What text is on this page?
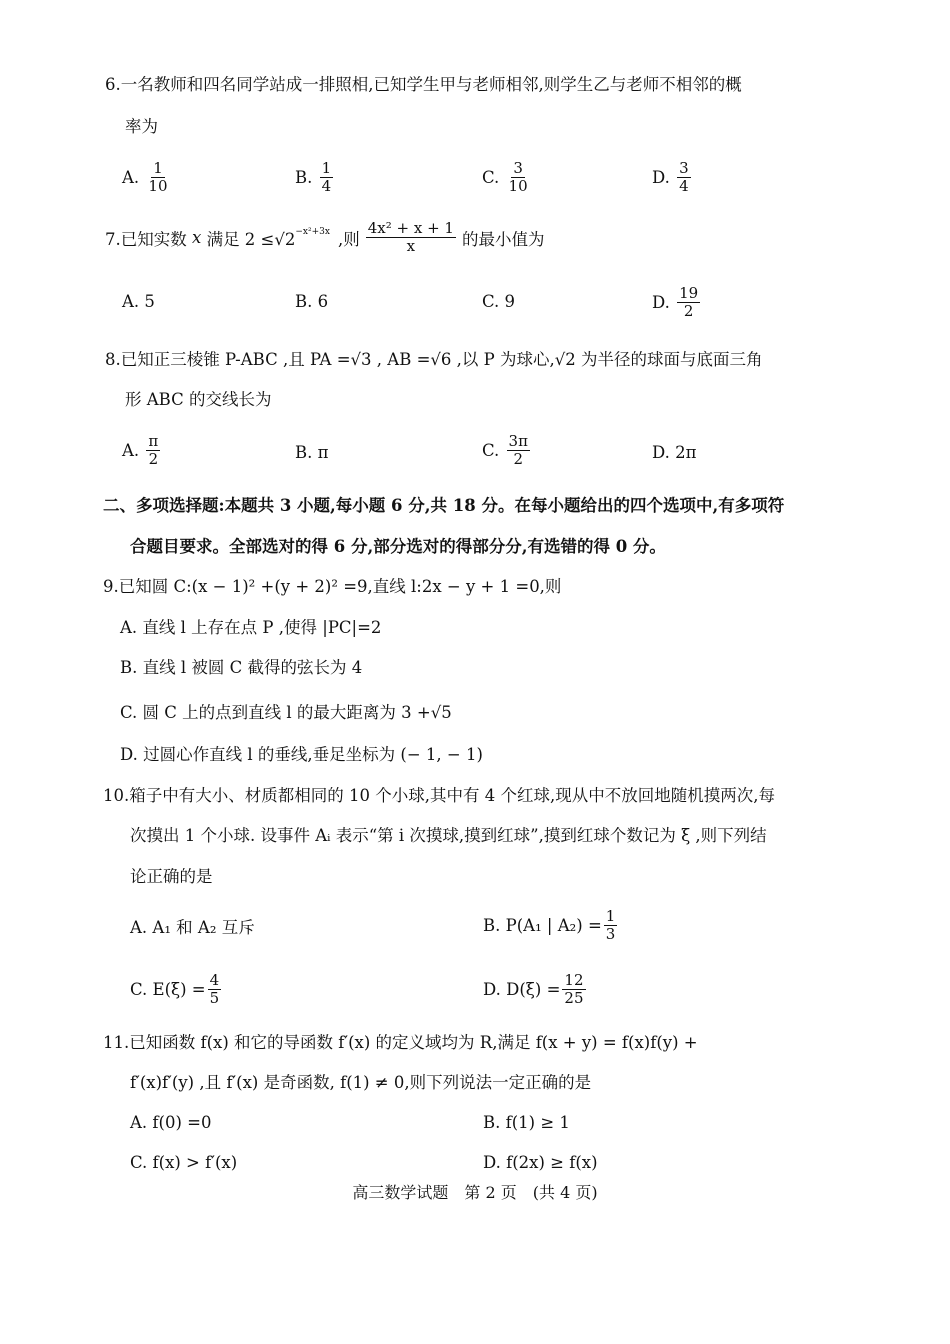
6.一名教师和四名同学站成一排照相,已知学生甲与老师相邻,则学生乙与老师不相邻的概
率为
A.
$\frac{1}{10}$	B.
$\frac{1}{4}$	C.
$\frac{3}{10}$	D.
$\frac{3}{4}$
7.已知实数
x
满足 2 ≤√2 −x²+3x ,则 $\frac{\text{4x² + x + 1}}{x}$ 的最小值为
A.
5	B.
6	C.
9	D.
$\frac{19}{2}$
8.已知正三棱锥 P-ABC ,且 PA =√3 , AB =√6 ,以 P 为球心,√2 为半径的球面与底面三角
形 ABC 的交线长为
A.
$\frac{\pi}{2}$	B.
π	C.
$\frac{3\pi}{2}$	D.
2π
二、多项选择题:本题共 3 小题,每小题 6 分,共 18 分。在每小题给出的四个选项中,有多项符
合题目要求。全部选对的得 6 分,部分选对的得部分分,有选错的得 0 分。
9.已知圆 C:(x − 1)² +(y + 2)² =9,直线 l:2x − y + 1 =0,则
A. 直线 l 上存在点 P ,使得 |PC|=2
B. 直线 l 被圆 C 截得的弦长为 4
C. 圆 C 上的点到直线 l 的最大距离为 3 +√5
D. 过圆心作直线 l 的垂线,垂足坐标为 (− 1, − 1)
10.箱子中有大小、材质都相同的 10 个小球,其中有 4 个红球,现从中不放回地随机摸两次,每
次摸出 1 个小球. 设事件 Aᵢ 表示“第 i 次摸球,摸到红球”,摸到红球个数记为 ξ ,则下列结
论正确的是
A. A₁ 和 A₂ 互斥	B. P(A₁ | $A_2) = \frac{1}{3}$
C. $E(\xi) = \frac{4}{5}$	D. $D(\xi) = \frac{12}{25}$
11.已知函数 f(x) 和它的导函数 f′(x) 的定义域均为 R,满足 f(x + y) = f(x)f(y) +
f′(x)f′(y) ,且 f′(x) 是奇函数, f(1) ≠ 0,则下列说法一定正确的是
A. f(0) =0	B. f(1) ≥ 1
C. f(x) > f′(x)	D. f(2x) ≥ f(x)
高三数学试题　第 2 页　(共 4 页)
